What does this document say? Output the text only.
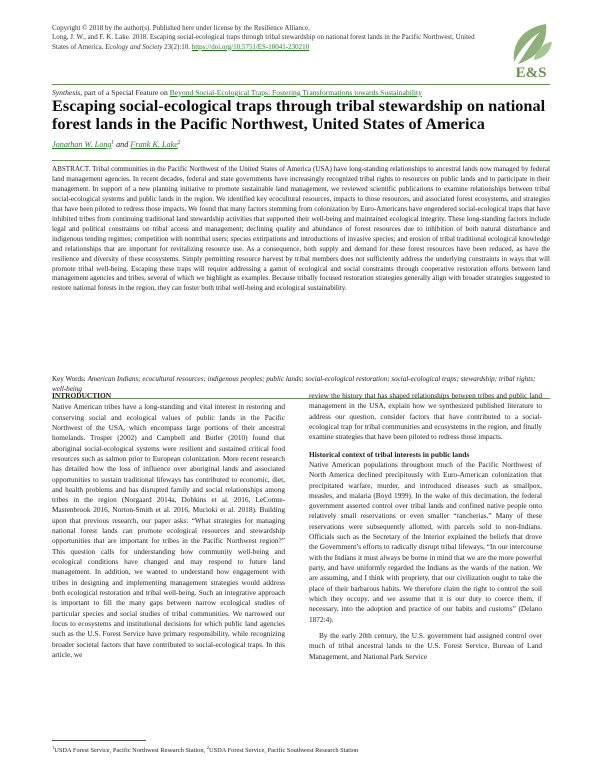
Copyright © 2018 by the author(s). Published here under license by the Resilience Alliance.
Long, J. W., and F. K. Lake. 2018. Escaping social-ecological traps through tribal stewardship on national forest lands in the Pacific Northwest, United States of America. Ecology and Society 23(2):10. https://doi.org/10.5751/ES-10041-230210
E&S
Synthesis, part of a Special Feature on Beyond Social-Ecological Traps: Fostering Transformations towards Sustainability
Escaping social-ecological traps through tribal stewardship on national forest lands in the Pacific Northwest, United States of America
Jonathan W. Long$^1$ and Frank K. Lake$^2$

ABSTRACT. Tribal communities in the Pacific Northwest of the United States of America (USA) have long-standing relationships to ancestral lands now managed by federal land management agencies. In recent decades, federal and state governments have increasingly recognized tribal rights to resources on public lands and to participate in their management. In support of a new planning initiative to promote sustainable land management, we reviewed scientific publications to examine relationships between tribal social-ecological systems and public lands in the region. We identified key ecocultural resources, impacts to those resources, and associated forest ecosystems, and strategies that have been piloted to redress those impacts. We found that many factors stemming from colonization by Euro-Americans have engendered social-ecological traps that have inhibited tribes from continuing traditional land stewardship activities that supported their well-being and maintained ecological integrity. These long-standing factors include legal and political constraints on tribal access and management; declining quality and abundance of forest resources due to inhibition of both natural disturbance and indigenous tending regimes; competition with nontribal users; species extirpations and introductions of invasive species; and erosion of tribal traditional ecological knowledge and relationships that are important for revitalizing resource use. As a consequence, both supply and demand for these forest resources have been reduced, as have the resilience and diversity of these ecosystems. Simply permitting resource harvest by tribal members does not sufficiently address the underlying constraints in ways that will promote tribal well-being. Escaping these traps will require addressing a gamut of ecological and social constraints through cooperative restoration efforts between land management agencies and tribes, several of which we highlight as examples. Because tribally focused restoration strategies generally align with broader strategies suggested to restore national forests in the region, they can foster both tribal well-being and ecological sustainability.

Key Words: American Indians; ecocultural resources; indigenous peoples; public lands; social-ecological restoration; social-ecological traps; stewardship; tribal rights; well-being

INTRODUCTION

Native American tribes have a long-standing and vital interest in restoring and conserving social and ecological values of public lands in the Pacific Northwest of the USA, which encompass large portions of their ancestral homelands. Trosper (2002) and Campbell and Butler (2010) found that aboriginal social-ecological systems were resilient and sustained critical food resources such as salmon prior to European colonization. More recent research has detailed how the loss of influence over aboriginal lands and associated opportunities to sustain traditional lifeways has contributed to economic, diet, and health problems and has disrupted family and social relationships among tribes in the region (Norgaard 2014a, Dobkins et al. 2016, LeComte-Mastenbrook 2016, Norton-Smith et al. 2016, Mucioki et al. 2018). Building upon that previous research, our paper asks: “What strategies for managing national forest lands can promote ecological resources and stewardship opportunities that are important for tribes in the Pacific Northwest region?” This question calls for understanding how community well-being and ecological conditions have changed and may respond to future land management. In addition, we wanted to understand how engagement with tribes in designing and implementing management strategies would address both ecological restoration and tribal well-being. Such an integrative approach is important to fill the many gaps between narrow ecological studies of particular species and social studies of tribal communities. We narrowed our focus to ecosystems and institutional decisions for which public land agencies such as the U.S. Forest Service have primary responsibility, while recognizing broader societal factors that have contributed to social-ecological traps. In this article, we

review the history that has shaped relationships between tribes and public land management in the USA, explain how we synthesized published literature to address our question, consider factors that have contributed to a social-ecological trap for tribal communities and ecosystems in the region, and finally examine strategies that have been piloted to redress those impacts.

Historical context of tribal interests in public lands

Native American populations throughout much of the Pacific Northwest of North America declined precipitously with Euro-American colonization that precipitated warfare, murder, and introduced diseases such as smallpox, measles, and malaria (Boyd 1999). In the wake of this decimation, the federal government asserted control over tribal lands and confined native people onto relatively small reservations or even smaller “rancherias.” Many of these reservations were subsequently allotted, with parcels sold to non-Indians. Officials such as the Secretary of the Interior explained the beliefs that drove the Government’s efforts to radically disrupt tribal lifeways, “In our intercourse with the Indians it must always be borne in mind that we are the more powerful party, and have uniformly regarded the Indians as the wards of the nation. We are assuming, and I think with propriety, that our civilization ought to take the place of their barbarous habits. We therefore claim the right to control the soil which they occupy, and we assume that it is our duty to coerce them, if necessary, into the adoption and practice of our habits and customs” (Delano 1872:4).

By the early 20th century, the U.S. government had assigned control over much of tribal ancestral lands to the U.S. Forest Service, Bureau of Land Management, and National Park Service

$^1$USDA Forest Service, Pacific Northwest Research Station, $^2$USDA Forest Service, Pacific Southwest Research Station
